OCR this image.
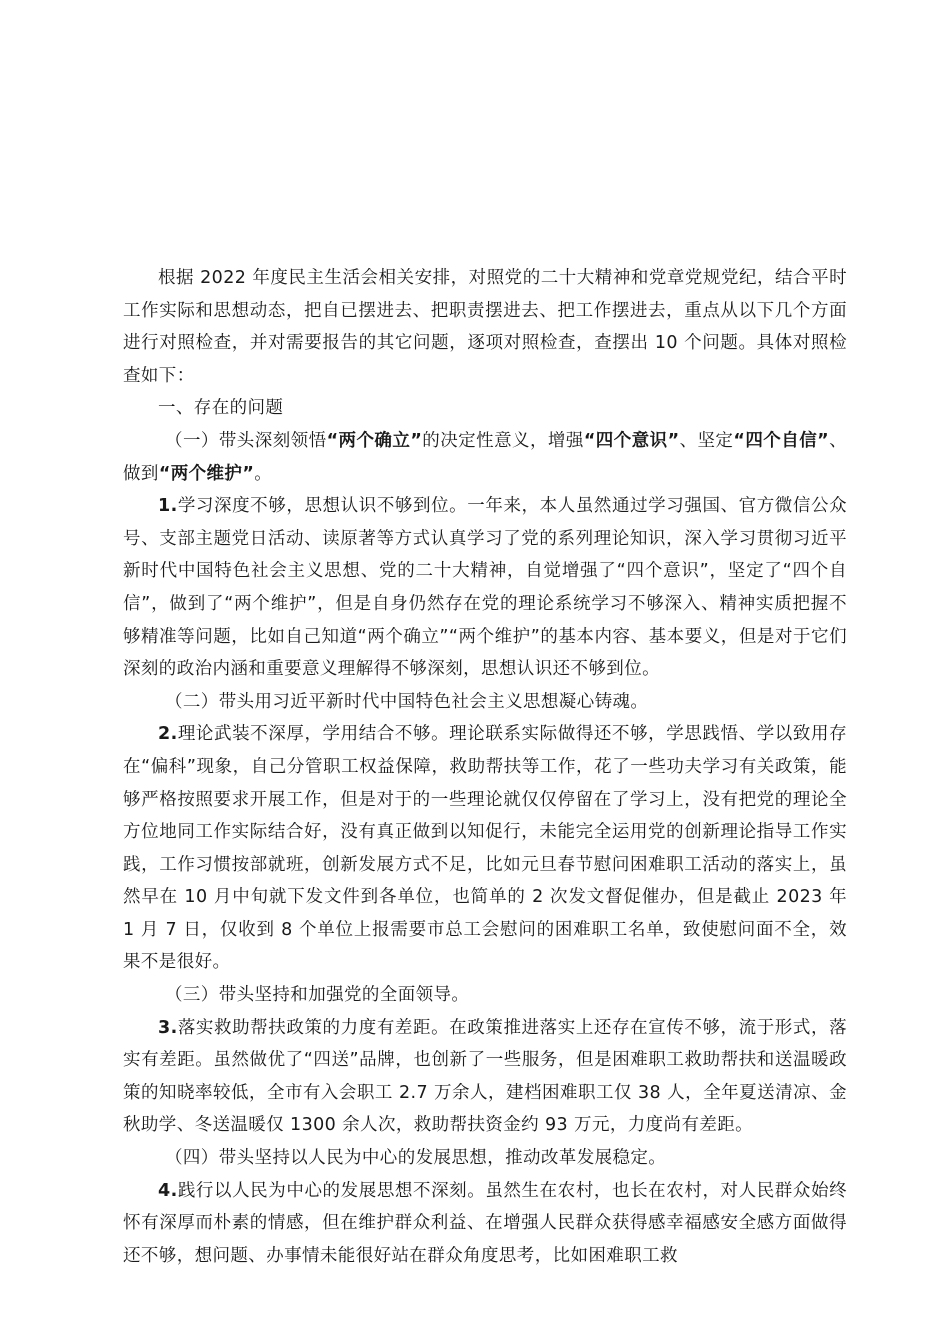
根据 2022 年度民主生活会相关安排，对照党的二十大精神和党章党规党纪，结合平时工作实际和思想动态，把自已摆进去、把职责摆进去、把工作摆进去，重点从以下几个方面进行对照检查，并对需要报告的其它问题，逐项对照检查，查摆出 10 个问题。具体对照检查如下：

一、存在的问题

（一）带头深刻领悟“两个确立”的决定性意义，增强“四个意识”、坚定“四个自信”、做到“两个维护”。

1.学习深度不够，思想认识不够到位。一年来，本人虽然通过学习强国、官方微信公众号、支部主题党日活动、读原著等方式认真学习了党的系列理论知识，深入学习贯彻习近平新时代中国特色社会主义思想、党的二十大精神，自觉增强了“四个意识”，坚定了“四个自信”，做到了“两个维护”，但是自身仍然存在党的理论系统学习不够深入、精神实质把握不够精准等问题，比如自己知道“两个确立”“两个维护”的基本内容、基本要义，但是对于它们深刻的政治内涵和重要意义理解得不够深刻，思想认识还不够到位。

（二）带头用习近平新时代中国特色社会主义思想凝心铸魂。

2.理论武装不深厚，学用结合不够。理论联系实际做得还不够，学思践悟、学以致用存在“偏科”现象，自己分管职工权益保障，救助帮扶等工作，花了一些功夫学习有关政策，能够严格按照要求开展工作，但是对于的一些理论就仅仅停留在了学习上，没有把党的理论全方位地同工作实际结合好，没有真正做到以知促行，未能完全运用党的创新理论指导工作实践，工作习惯按部就班，创新发展方式不足，比如元旦春节慰问困难职工活动的落实上，虽然早在 10 月中旬就下发文件到各单位，也简单的 2 次发文督促催办，但是截止 2023 年 1 月 7 日，仅收到 8 个单位上报需要市总工会慰问的困难职工名单，致使慰问面不全，效果不是很好。

（三）带头坚持和加强党的全面领导。

3.落实救助帮扶政策的力度有差距。在政策推进落实上还存在宣传不够，流于形式，落实有差距。虽然做优了“四送”品牌，也创新了一些服务，但是困难职工救助帮扶和送温暖政策的知晓率较低，全市有入会职工 2.7 万余人，建档困难职工仅 38 人，全年夏送清凉、金秋助学、冬送温暖仅 1300 余人次，救助帮扶资金约 93 万元，力度尚有差距。

（四）带头坚持以人民为中心的发展思想，推动改革发展稳定。

4.践行以人民为中心的发展思想不深刻。虽然生在农村，也长在农村，对人民群众始终怀有深厚而朴素的情感，但在维护群众利益、在增强人民群众获得感幸福感安全感方面做得还不够，想问题、办事情未能很好站在群众角度思考，比如困难职工救
